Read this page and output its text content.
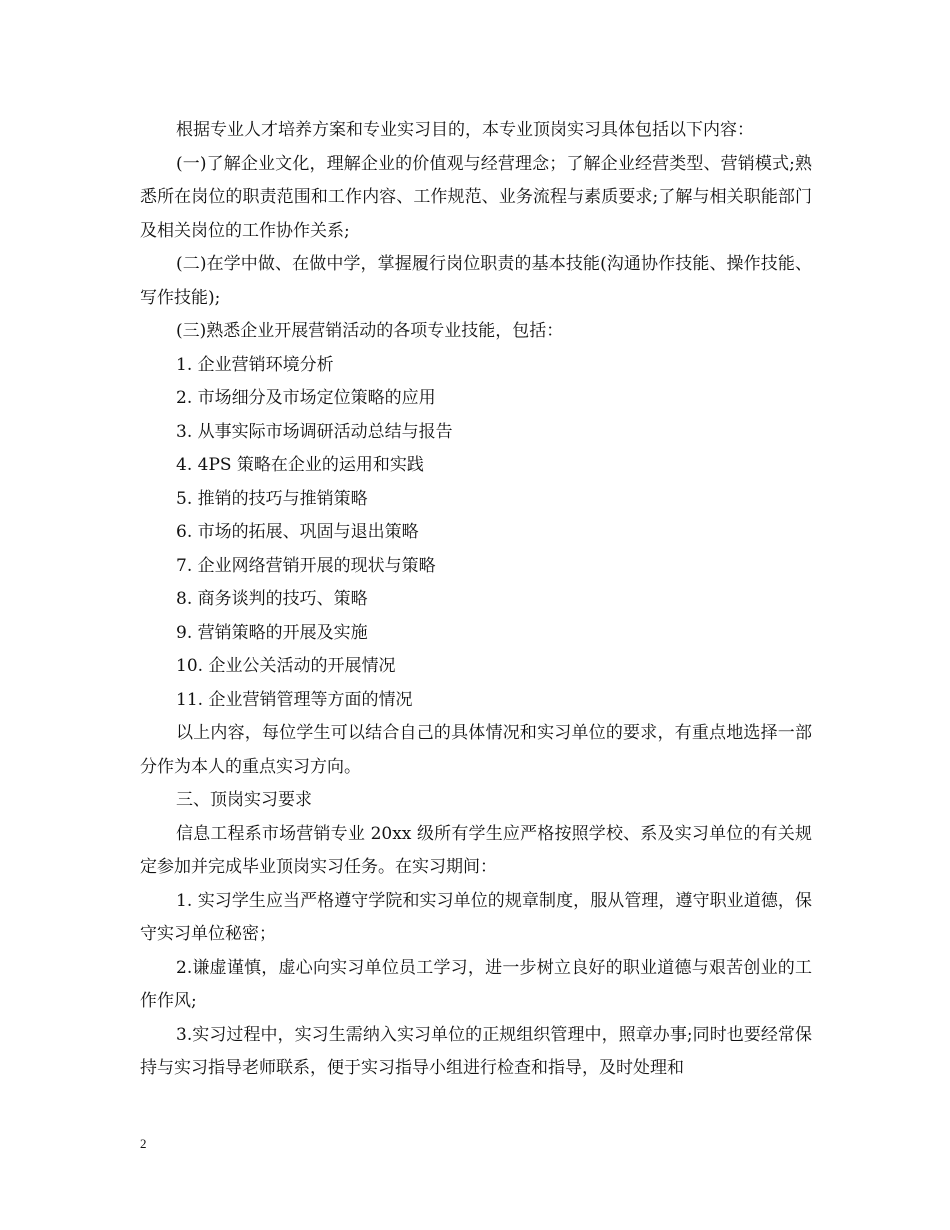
根据专业人才培养方案和专业实习目的，本专业顶岗实习具体包括以下内容：

(一)了解企业文化，理解企业的价值观与经营理念；了解企业经营类型、营销模式;熟悉所在岗位的职责范围和工作内容、工作规范、业务流程与素质要求;了解与相关职能部门及相关岗位的工作协作关系;

(二)在学中做、在做中学，掌握履行岗位职责的基本技能(沟通协作技能、操作技能、写作技能);

(三)熟悉企业开展营销活动的各项专业技能，包括：

1. 企业营销环境分析

2. 市场细分及市场定位策略的应用

3. 从事实际市场调研活动总结与报告

4. 4PS 策略在企业的运用和实践

5. 推销的技巧与推销策略

6. 市场的拓展、巩固与退出策略

7. 企业网络营销开展的现状与策略

8. 商务谈判的技巧、策略

9. 营销策略的开展及实施

10. 企业公关活动的开展情况

11. 企业营销管理等方面的情况

以上内容，每位学生可以结合自己的具体情况和实习单位的要求，有重点地选择一部分作为本人的重点实习方向。

三、顶岗实习要求

信息工程系市场营销专业 20xx 级所有学生应严格按照学校、系及实习单位的有关规定参加并完成毕业顶岗实习任务。在实习期间：

1. 实习学生应当严格遵守学院和实习单位的规章制度，服从管理，遵守职业道德，保守实习单位秘密；

2.谦虚谨慎，虚心向实习单位员工学习，进一步树立良好的职业道德与艰苦创业的工作作风;

3.实习过程中，实习生需纳入实习单位的正规组织管理中，照章办事;同时也要经常保持与实习指导老师联系，便于实习指导小组进行检查和指导，及时处理和

2
